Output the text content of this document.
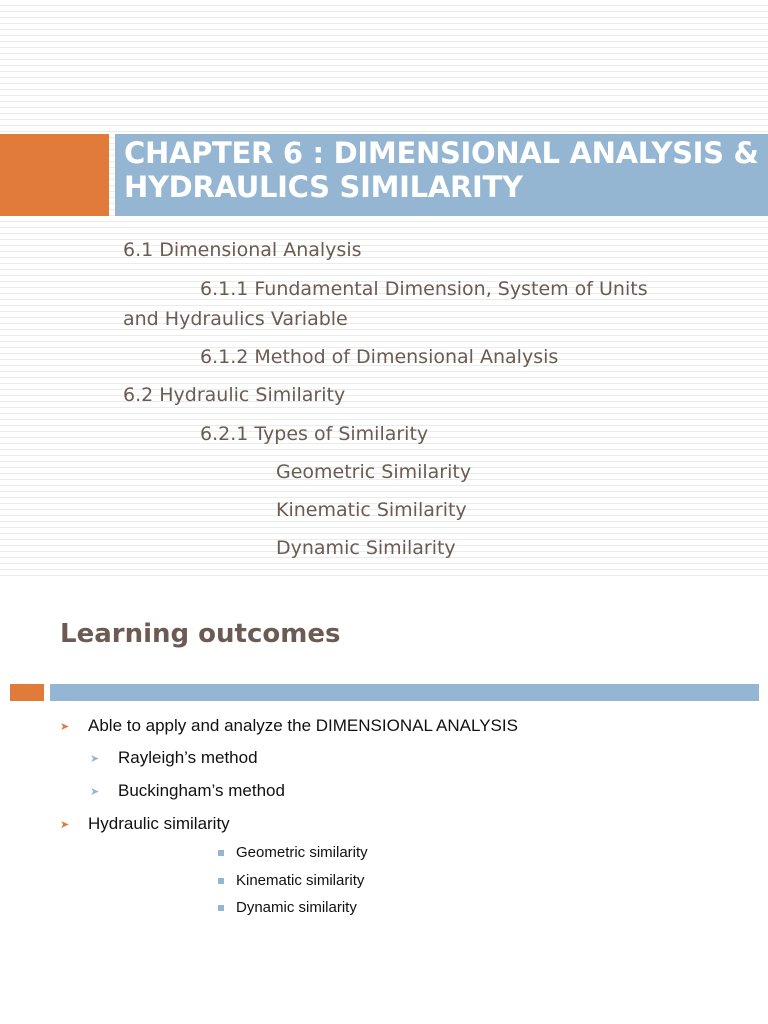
CHAPTER 6 : DIMENSIONAL ANALYSIS & HYDRAULICS SIMILARITY
6.1 Dimensional Analysis
6.1.1 Fundamental Dimension, System of Units and Hydraulics Variable
6.1.2 Method of Dimensional Analysis
6.2 Hydraulic Similarity
6.2.1 Types of Similarity
Geometric Similarity
Kinematic Similarity
Dynamic Similarity
Learning outcomes
➤	Able to apply and analyze the DIMENSIONAL ANALYSIS
➤	Rayleigh’s method
➤	Buckingham’s method
➤	Hydraulic similarity
Geometric similarity
Kinematic similarity
Dynamic similarity
